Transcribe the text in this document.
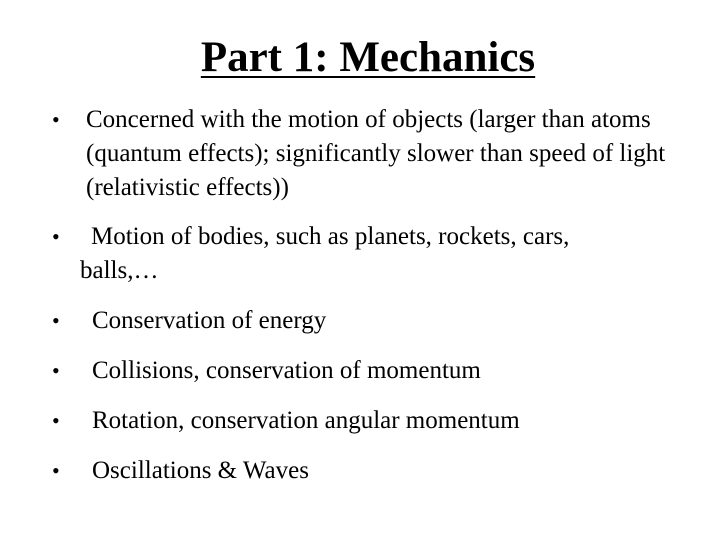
Part 1: Mechanics
• Concerned with the motion of objects (larger than atoms (quantum effects); significantly slower than speed of light (relativistic effects))
•	Motion of bodies, such as planets, rockets, cars, balls,…
• Conservation of energy
• Collisions, conservation of momentum
• Rotation, conservation angular momentum
• Oscillations & Waves
